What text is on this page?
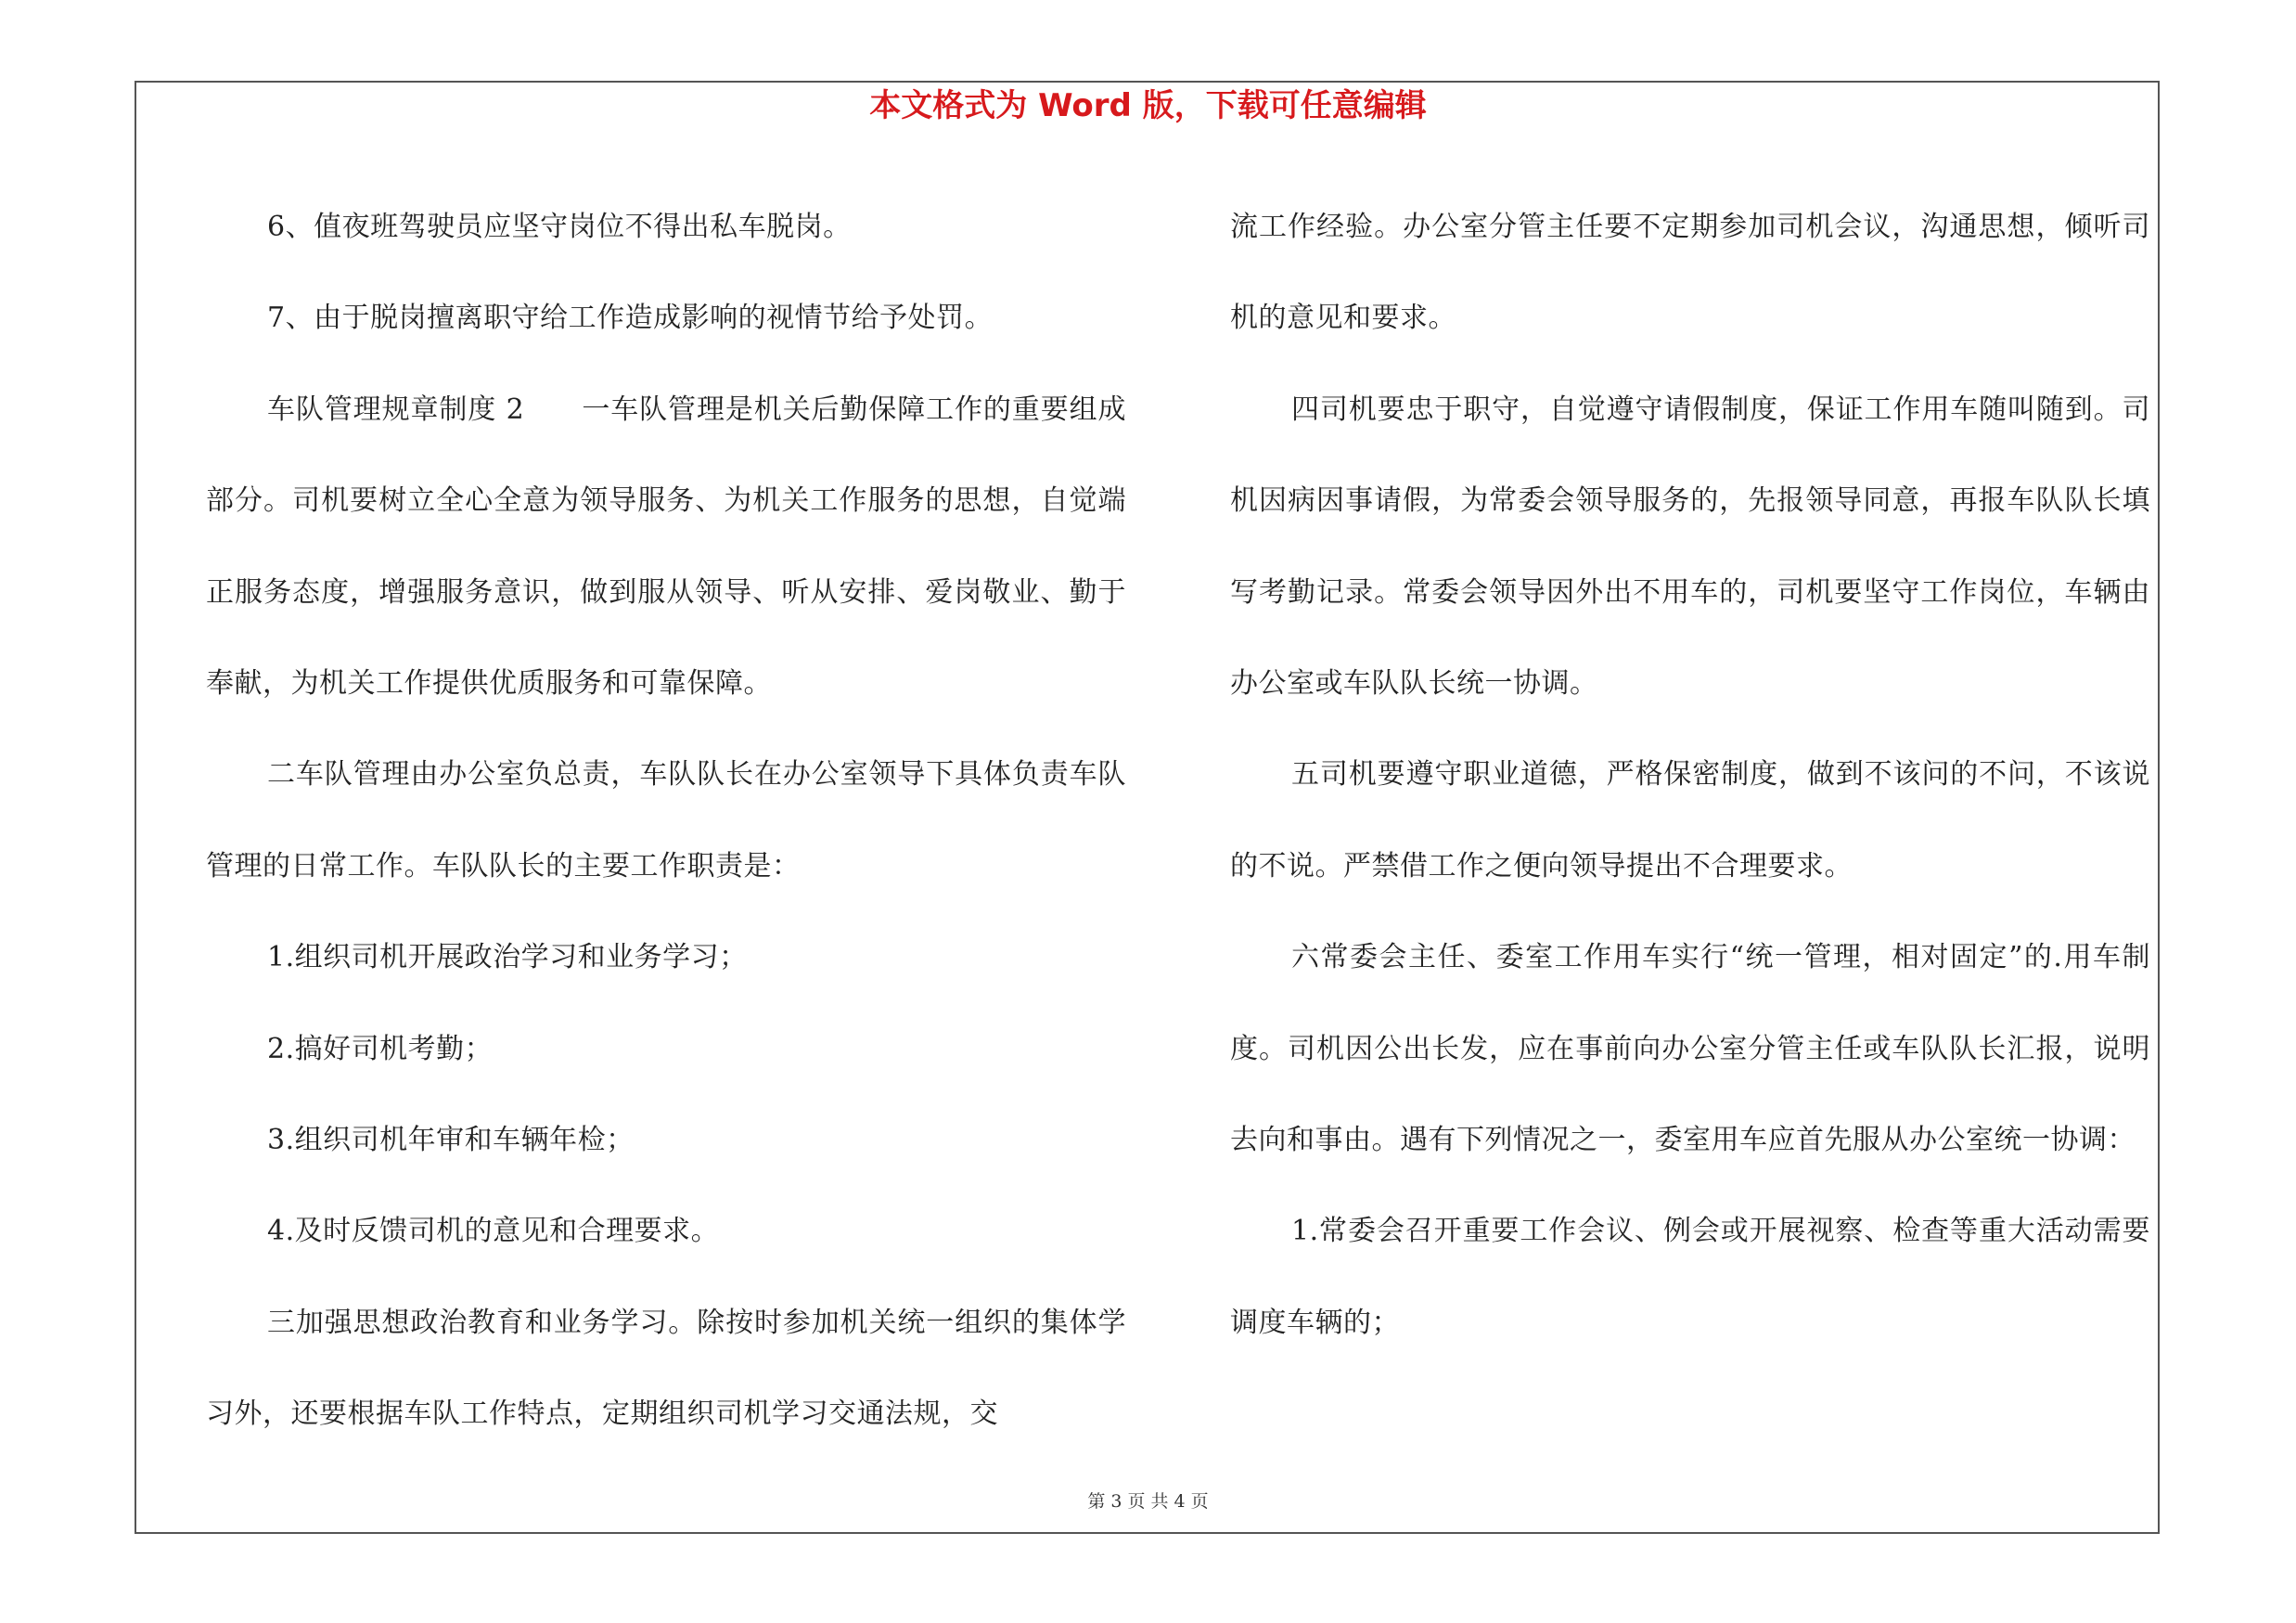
本文格式为 Word 版，下载可任意编辑

6、值夜班驾驶员应坚守岗位不得出私车脱岗。

7、由于脱岗擅离职守给工作造成影响的视情节给予处罚。

车队管理规章制度 2　　一车队管理是机关后勤保障工作的重要组成部分。司机要树立全心全意为领导服务、为机关工作服务的思想，自觉端正服务态度，增强服务意识，做到服从领导、听从安排、爱岗敬业、勤于奉献，为机关工作提供优质服务和可靠保障。

二车队管理由办公室负总责，车队队长在办公室领导下具体负责车队管理的日常工作。车队队长的主要工作职责是：

1.组织司机开展政治学习和业务学习；

2.搞好司机考勤；

3.组织司机年审和车辆年检；

4.及时反馈司机的意见和合理要求。

三加强思想政治教育和业务学习。除按时参加机关统一组织的集体学习外，还要根据车队工作特点，定期组织司机学习交通法规，交

流工作经验。办公室分管主任要不定期参加司机会议，沟通思想，倾听司机的意见和要求。

四司机要忠于职守，自觉遵守请假制度，保证工作用车随叫随到。司机因病因事请假，为常委会领导服务的，先报领导同意，再报车队队长填写考勤记录。常委会领导因外出不用车的，司机要坚守工作岗位，车辆由办公室或车队队长统一协调。

五司机要遵守职业道德，严格保密制度，做到不该问的不问，不该说的不说。严禁借工作之便向领导提出不合理要求。

六常委会主任、委室工作用车实行“统一管理，相对固定”的.用车制度。司机因公出长发，应在事前向办公室分管主任或车队队长汇报，说明去向和事由。遇有下列情况之一，委室用车应首先服从办公室统一协调：

1.常委会召开重要工作会议、例会或开展视察、检查等重大活动需要调度车辆的；

第 3 页 共 4 页
